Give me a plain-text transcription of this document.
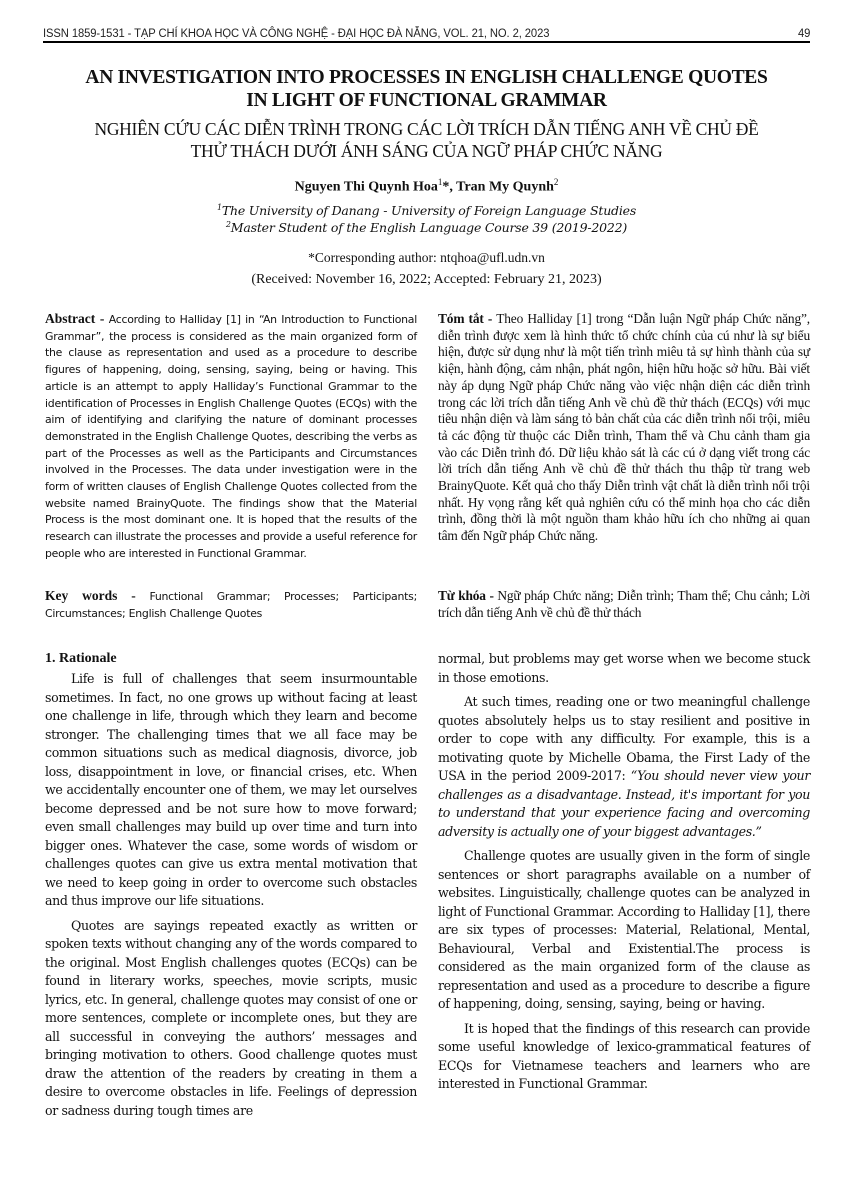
ISSN 1859-1531 - TẠP CHÍ KHOA HỌC VÀ CÔNG NGHỆ - ĐẠI HỌC ĐÀ NẴNG, VOL. 21, NO. 2, 2023	49
AN INVESTIGATION INTO PROCESSES IN ENGLISH CHALLENGE QUOTES
IN LIGHT OF FUNCTIONAL GRAMMAR
NGHIÊN CỨU CÁC DIỄN TRÌNH TRONG CÁC LỜI TRÍCH DẪN TIẾNG ANH VỀ CHỦ ĐỀ
THỬ THÁCH DƯỚI ÁNH SÁNG CỦA NGỮ PHÁP CHỨC NĂNG
Nguyen Thi Quynh Hoa$^1$*, Tran My Quynh$^2$
$^1$The University of Danang - University of Foreign Language Studies
$^2$Master Student of the English Language Course 39 (2019-2022)
*Corresponding author: ntqhoa@ufl.udn.vn
(Received: November 16, 2022; Accepted: February 21, 2023)
Abstract - According to Halliday [1] in “An Introduction to Functional Grammar”, the process is considered as the main organized form of the clause as representation and used as a procedure to describe figures of happening, doing, sensing, saying, being or having. This article is an attempt to apply Halliday’s Functional Grammar to the identification of Processes in English Challenge Quotes (ECQs) with the aim of identifying and clarifying the nature of dominant processes demonstrated in the English Challenge Quotes, describing the verbs as part of the Processes as well as the Participants and Circumstances involved in the Processes. The data under investigation were in the form of written clauses of English Challenge Quotes collected from the website named BrainyQuote. The findings show that the Material Process is the most dominant one. It is hoped that the results of the research can illustrate the processes and provide a useful reference for people who are interested in Functional Grammar.
Key words - Functional Grammar; Processes; Participants; Circumstances; English Challenge Quotes
Tóm tắt - Theo Halliday [1] trong “Dẫn luận Ngữ pháp Chức năng”, diễn trình được xem là hình thức tổ chức chính của cú như là sự biểu hiện, được sử dụng như là một tiến trình miêu tả sự hình thành của sự kiện, hành động, cảm nhận, phát ngôn, hiện hữu hoặc sở hữu. Bài viết này áp dụng Ngữ pháp Chức năng vào việc nhận diện các diễn trình trong các lời trích dẫn tiếng Anh về chủ đề thử thách (ECQs) với mục tiêu nhận diện và làm sáng tỏ bản chất của các diễn trình nổi trội, miêu tả các động từ thuộc các Diễn trình, Tham thể và Chu cảnh tham gia vào các Diễn trình đó. Dữ liệu khảo sát là các cú ở dạng viết trong các lời trích dẫn tiếng Anh về chủ đề thử thách thu thập từ trang web BrainyQuote. Kết quả cho thấy Diễn trình vật chất là diễn trình nổi trội nhất. Hy vọng rằng kết quả nghiên cứu có thể minh họa cho các diễn trình, đồng thời là một nguồn tham khảo hữu ích cho những ai quan tâm đến Ngữ pháp Chức năng.
Từ khóa - Ngữ pháp Chức năng; Diễn trình; Tham thể; Chu cảnh; Lời trích dẫn tiếng Anh về chủ đề thử thách
1. Rationale

Life is full of challenges that seem insurmountable sometimes. In fact, no one grows up without facing at least one challenge in life, through which they learn and become stronger. The challenging times that we all face may be common situations such as medical diagnosis, divorce, job loss, disappointment in love, or financial crises, etc. When we accidentally encounter one of them, we may let ourselves become depressed and be not sure how to move forward; even small challenges may build up over time and turn into bigger ones. Whatever the case, some words of wisdom or challenges quotes can give us extra mental motivation that we need to keep going in order to overcome such obstacles and thus improve our life situations.

Quotes are sayings repeated exactly as written or spoken texts without changing any of the words compared to the original. Most English challenges quotes (ECQs) can be found in literary works, speeches, movie scripts, music lyrics, etc. In general, challenge quotes may consist of one or more sentences, complete or incomplete ones, but they are all successful in conveying the authors’ messages and bringing motivation to others. Good challenge quotes must draw the attention of the readers by creating in them a desire to overcome obstacles in life. Feelings of depression or sadness during tough times are

normal, but problems may get worse when we become stuck in those emotions.

At such times, reading one or two meaningful challenge quotes absolutely helps us to stay resilient and positive in order to cope with any difficulty. For example, this is a motivating quote by Michelle Obama, the First Lady of the USA in the period 2009-2017: “You should never view your challenges as a disadvantage. Instead, it's important for you to understand that your experience facing and overcoming adversity is actually one of your biggest advantages.”

Challenge quotes are usually given in the form of single sentences or short paragraphs available on a number of websites. Linguistically, challenge quotes can be analyzed in light of Functional Grammar. According to Halliday [1], there are six types of processes: Material, Relational, Mental, Behavioural, Verbal and Existential.The process is considered as the main organized form of the clause as representation and used as a procedure to describe a figure of happening, doing, sensing, saying, being or having.

It is hoped that the findings of this research can provide some useful knowledge of lexico-grammatical features of ECQs for Vietnamese teachers and learners who are interested in Functional Grammar.
